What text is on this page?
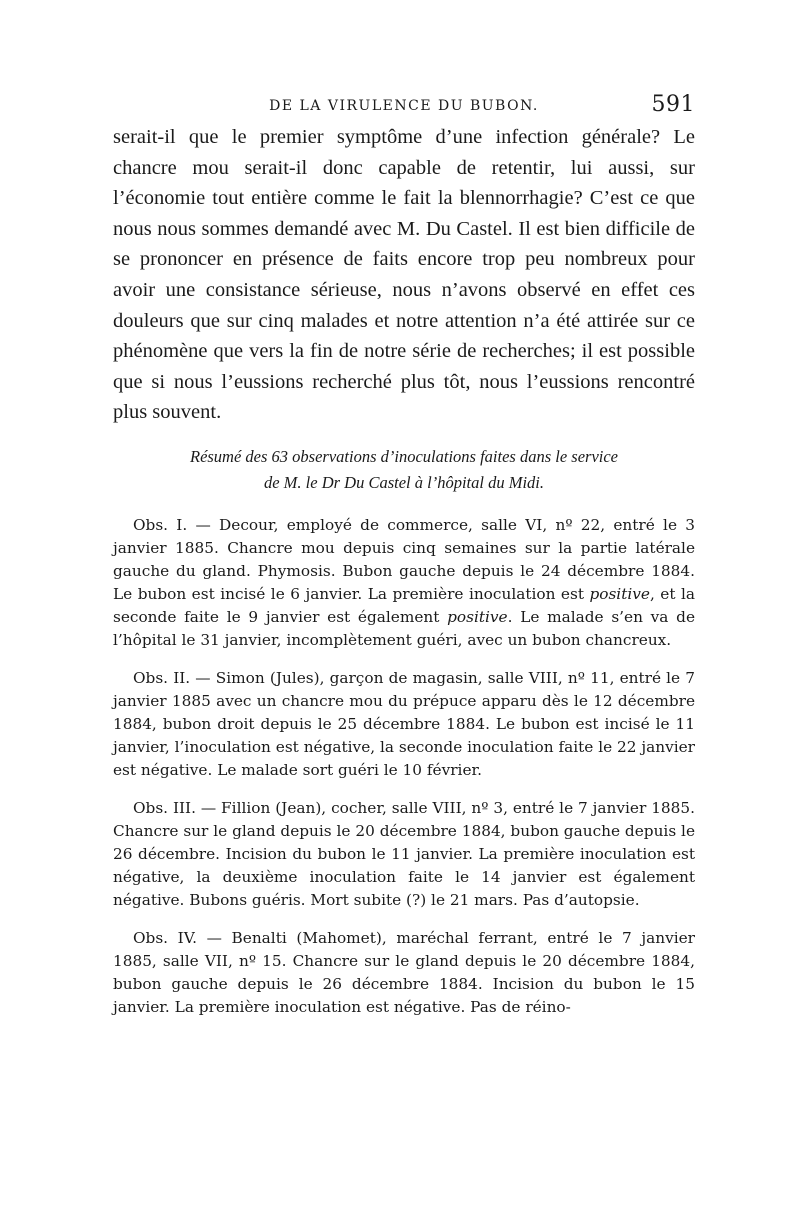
DE LA VIRULENCE DU BUBON.	591

serait-il que le premier symptôme d’une infection générale? Le chancre mou serait-il donc capable de retentir, lui aussi, sur l’économie tout entière comme le fait la blennorrhagie? C’est ce que nous nous sommes demandé avec M. Du Castel. Il est bien difficile de se prononcer en présence de faits encore trop peu nombreux pour avoir une consistance sérieuse, nous n’avons observé en effet ces douleurs que sur cinq malades et notre attention n’a été attirée sur ce phénomène que vers la fin de notre série de recherches; il est possible que si nous l’eussions recherché plus tôt, nous l’eussions rencontré plus souvent.

Résumé des 63 observations d’inoculations faites dans le service
de M. le Dr Du Castel à l’hôpital du Midi.

Obs. I. — Decour, employé de commerce, salle VI, nº 22, entré le 3 janvier 1885. Chancre mou depuis cinq semaines sur la partie latérale gauche du gland. Phymosis. Bubon gauche depuis le 24 décembre 1884. Le bubon est incisé le 6 janvier. La première inoculation est positive, et la seconde faite le 9 janvier est également positive. Le malade s’en va de l’hôpital le 31 janvier, incomplètement guéri, avec un bubon chancreux.

Obs. II. — Simon (Jules), garçon de magasin, salle VIII, nº 11, entré le 7 janvier 1885 avec un chancre mou du prépuce apparu dès le 12 décembre 1884, bubon droit depuis le 25 décembre 1884. Le bubon est incisé le 11 janvier, l’inoculation est négative, la seconde inoculation faite le 22 janvier est négative. Le malade sort guéri le 10 février.

Obs. III. — Fillion (Jean), cocher, salle VIII, nº 3, entré le 7 janvier 1885. Chancre sur le gland depuis le 20 décembre 1884, bubon gauche depuis le 26 décembre. Incision du bubon le 11 janvier. La première inoculation est négative, la deuxième inoculation faite le 14 janvier est également négative. Bubons guéris. Mort subite (?) le 21 mars. Pas d’autopsie.

Obs. IV. — Benalti (Mahomet), maréchal ferrant, entré le 7 janvier 1885, salle VII, nº 15. Chancre sur le gland depuis le 20 décembre 1884, bubon gauche depuis le 26 décembre 1884. Incision du bubon le 15 janvier. La première inoculation est négative. Pas de réino-
